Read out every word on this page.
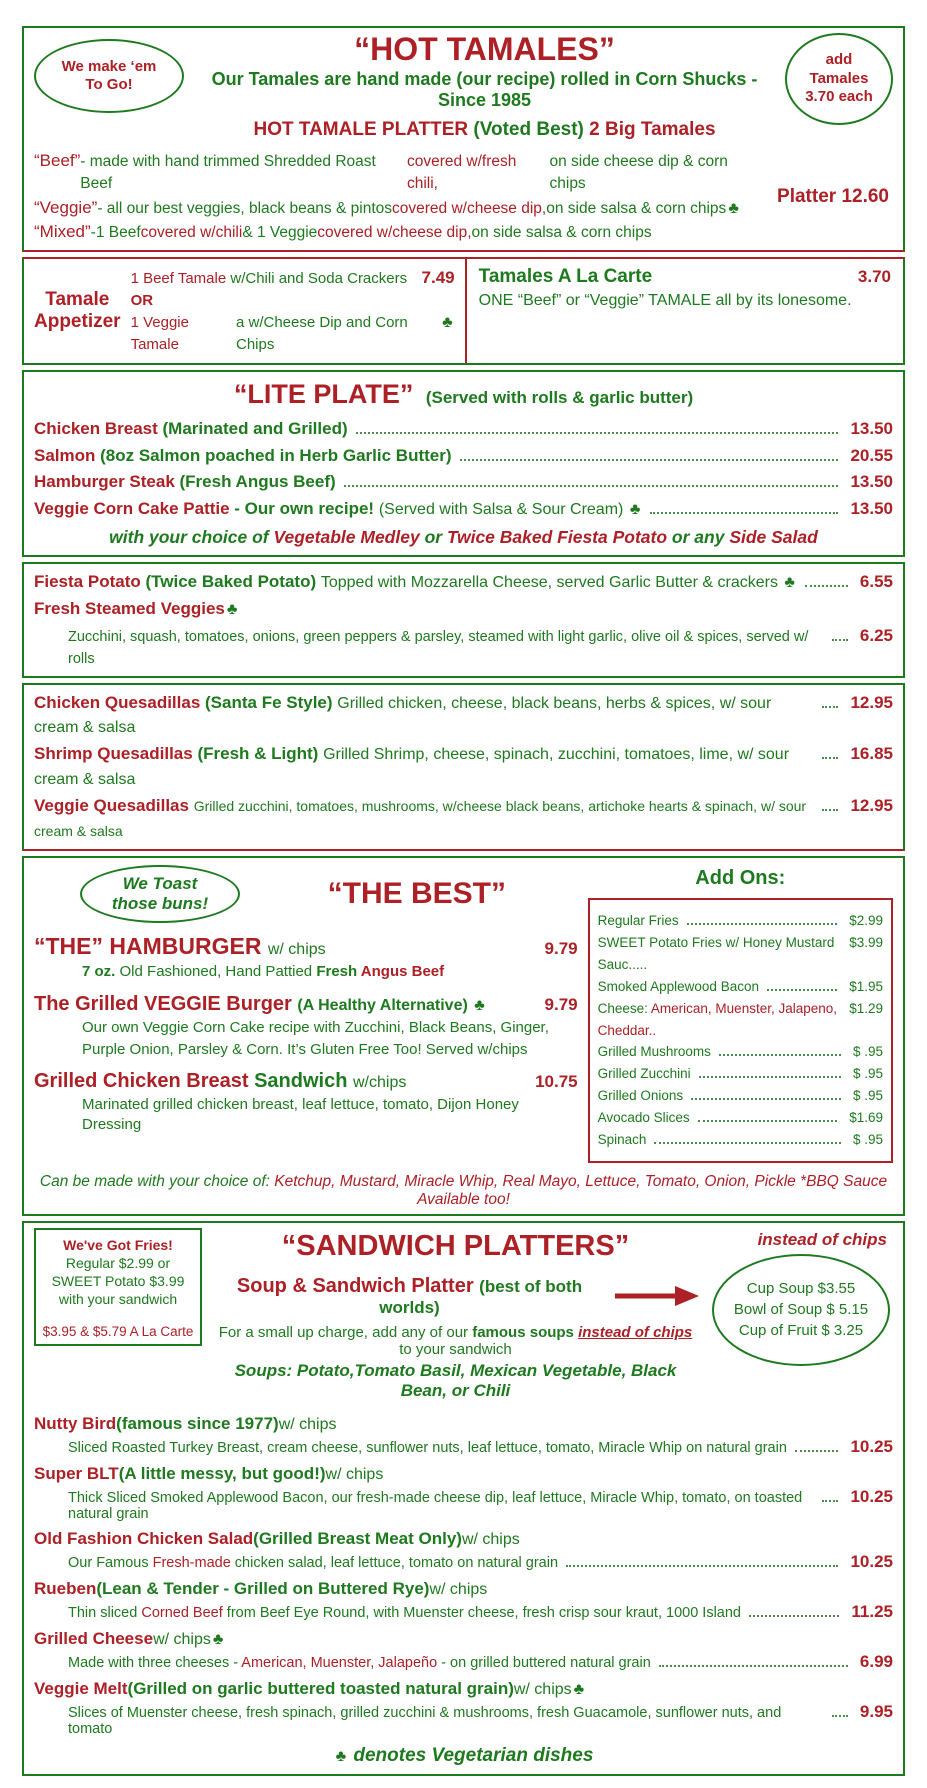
We make ‘em
To Go!
“HOT TAMALES”
Our Tamales are hand made (our recipe) rolled in Corn Shucks - Since 1985
HOT TAMALE PLATTER (Voted Best) 2 Big Tamales
add
Tamales
3.70 each
“Beef” - made with hand trimmed Shredded Roast Beef
covered w/fresh chili,
on side cheese dip & corn chips
“Veggie” - all our best veggies, black beans & pintos covered w/cheese dip, on side salsa & corn chips ♣
“Mixed” - 1 Beef covered w/chili & 1 Veggie covered w/cheese dip, on side salsa & corn chips
Platter 12.60
Tamale
Appetizer
1 Beef Tamale w/Chili and Soda Crackers OR
7.49
1 Veggie Tamale
a w/Cheese Dip and Corn Chips
♣
Tamales A La Carte	3.70
ONE “Beef” or “Veggie” TAMALE all by its lonesome.
“LITE PLATE” (Served with rolls & garlic butter)
Chicken Breast (Marinated and Grilled)	13.50
Salmon (8oz Salmon poached in Herb Garlic Butter)	20.55
Hamburger Steak (Fresh Angus Beef)	13.50
Veggie Corn Cake Pattie - Our own recipe! (Served with Salsa & Sour Cream) ♣	13.50
with your choice of Vegetable Medley or Twice Baked Fiesta Potato or any Side Salad
Fiesta Potato (Twice Baked Potato) Topped with Mozzarella Cheese, served Garlic Butter & crackers ♣	6.55
Fresh Steamed Veggies ♣
Zucchini, squash, tomatoes, onions, green peppers & parsley, steamed with light garlic, olive oil & spices, served w/ rolls
6.25
Chicken Quesadillas (Santa Fe Style) Grilled chicken, cheese, black beans, herbs & spices, w/ sour cream & salsa
12.95
Shrimp Quesadillas (Fresh & Light) Grilled Shrimp, cheese, spinach, zucchini, tomatoes, lime, w/ sour cream & salsa
16.85
Veggie Quesadillas Grilled zucchini, tomatoes, mushrooms, w/cheese black beans, artichoke hearts & spinach, w/ sour cream & salsa
12.95
We Toast
those buns!	“THE BEST”
“THE” HAMBURGER w/ chips	9.79
7 oz. Old Fashioned, Hand Pattied Fresh Angus Beef
The Grilled VEGGIE Burger (A Healthy Alternative) ♣	9.79
Our own Veggie Corn Cake recipe with Zucchini, Black Beans, Ginger,
Purple Onion, Parsley & Corn. It’s Gluten Free Too! Served w/chips
Grilled Chicken Breast Sandwich w/chips	10.75
Marinated grilled chicken breast, leaf lettuce, tomato, Dijon Honey Dressing
Add Ons:
Regular Fries	$2.99
SWEET Potato Fries w/ Honey Mustard Sauc.....
$3.99
Smoked Applewood Bacon	$1.95
Cheese: American, Muenster, Jalapeno, Cheddar..
$1.29
Grilled Mushrooms	$ .95
Grilled Zucchini	$ .95
Grilled Onions	$ .95
Avocado Slices	$1.69
Spinach	$ .95
Can be made with your choice of: Ketchup, Mustard, Miracle Whip, Real Mayo, Lettuce, Tomato, Onion, Pickle *BBQ Sauce Available too!
We've Got Fries!
Regular $2.99 or
SWEET Potato $3.99
with your sandwich
$3.95 & $5.79 A La Carte
“SANDWICH PLATTERS”
Soup & Sandwich Platter (best of both worlds)
For a small up charge, add any of our famous soups instead of chips to your sandwich
Soups: Potato,Tomato Basil, Mexican Vegetable, Black Bean, or Chili
instead of chips
Cup Soup $3.55
Bowl of Soup $ 5.15
Cup of Fruit $ 3.25
Nutty Bird (famous since 1977) w/ chips
Sliced Roasted Turkey Breast, cream cheese, sunflower nuts, leaf lettuce, tomato, Miracle Whip on natural grain	10.25
Super BLT (A little messy, but good!) w/ chips
Thick Sliced Smoked Applewood Bacon, our fresh-made cheese dip, leaf lettuce, Miracle Whip, tomato, on toasted natural grain
10.25
Old Fashion Chicken Salad (Grilled Breast Meat Only) w/ chips
Our Famous Fresh-made chicken salad, leaf lettuce, tomato on natural grain	10.25
Rueben (Lean & Tender - Grilled on Buttered Rye) w/ chips
Thin sliced Corned Beef from Beef Eye Round, with Muenster cheese, fresh crisp sour kraut, 1000 Island	11.25
Grilled Cheese w/ chips ♣
Made with three cheeses - American, Muenster, Jalapeño - on grilled buttered natural grain	6.99
Veggie Melt (Grilled on garlic buttered toasted natural grain) w/ chips ♣
Slices of Muenster cheese, fresh spinach, grilled zucchini & mushrooms, fresh Guacamole, sunflower nuts, and tomato
9.95
♣ denotes Vegetarian dishes
